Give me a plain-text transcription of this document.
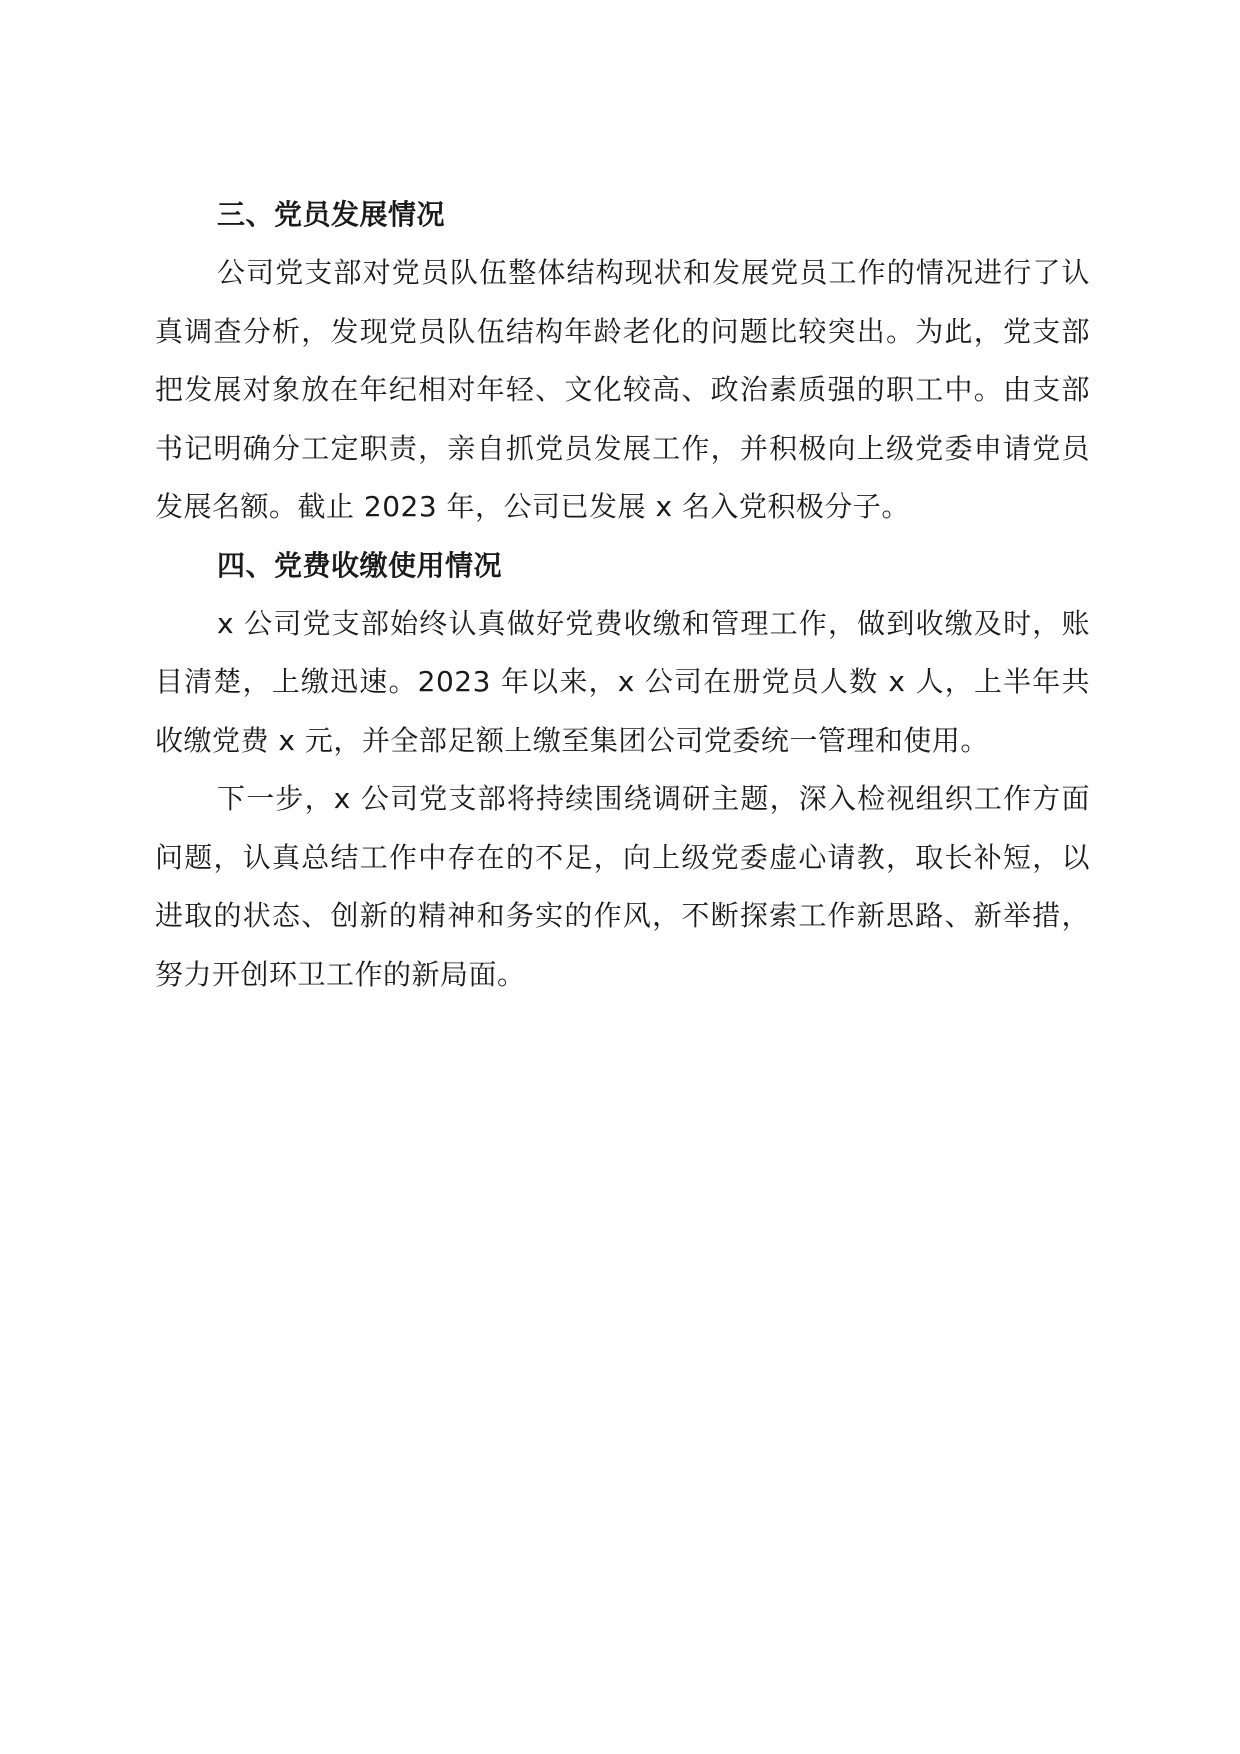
三、党员发展情况

公司党支部对党员队伍整体结构现状和发展党员工作的情况进行了认真调查分析，发现党员队伍结构年龄老化的问题比较突出。为此，党支部把发展对象放在年纪相对年轻、文化较高、政治素质强的职工中。由支部书记明确分工定职责，亲自抓党员发展工作，并积极向上级党委申请党员发展名额。截止 2023 年，公司已发展 x 名入党积极分子。

四、党费收缴使用情况

x 公司党支部始终认真做好党费收缴和管理工作，做到收缴及时，账目清楚，上缴迅速。2023 年以来，x 公司在册党员人数 x 人，上半年共收缴党费 x 元，并全部足额上缴至集团公司党委统一管理和使用。

下一步，x 公司党支部将持续围绕调研主题，深入检视组织工作方面问题，认真总结工作中存在的不足，向上级党委虚心请教，取长补短，以进取的状态、创新的精神和务实的作风，不断探索工作新思路、新举措，努力开创环卫工作的新局面。
